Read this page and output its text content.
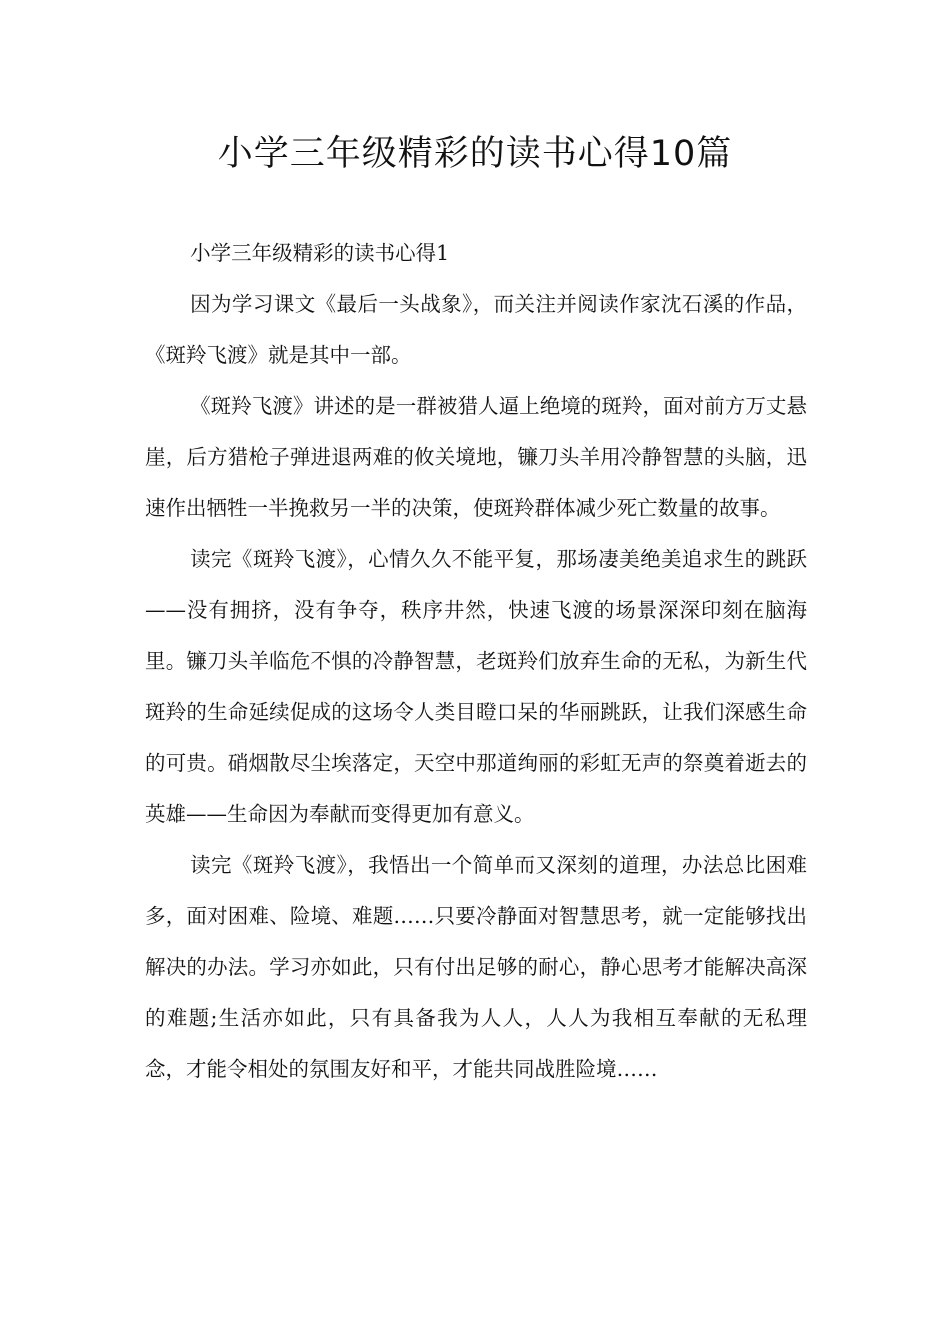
小学三年级精彩的读书心得10篇

小学三年级精彩的读书心得1

因为学习课文《最后一头战象》，而关注并阅读作家沈石溪的作品，《斑羚飞渡》就是其中一部。

《斑羚飞渡》讲述的是一群被猎人逼上绝境的斑羚，面对前方万丈悬崖，后方猎枪子弹进退两难的攸关境地，镰刀头羊用冷静智慧的头脑，迅速作出牺牲一半挽救另一半的决策，使斑羚群体减少死亡数量的故事。

读完《斑羚飞渡》，心情久久不能平复，那场凄美绝美追求生的跳跃——没有拥挤，没有争夺，秩序井然，快速飞渡的场景深深印刻在脑海里。镰刀头羊临危不惧的冷静智慧，老斑羚们放弃生命的无私，为新生代斑羚的生命延续促成的这场令人类目瞪口呆的华丽跳跃，让我们深感生命的可贵。硝烟散尽尘埃落定，天空中那道绚丽的彩虹无声的祭奠着逝去的英雄——生命因为奉献而变得更加有意义。

读完《斑羚飞渡》，我悟出一个简单而又深刻的道理，办法总比困难多，面对困难、险境、难题……只要冷静面对智慧思考，就一定能够找出解决的办法。学习亦如此，只有付出足够的耐心，静心思考才能解决高深的难题;生活亦如此，只有具备我为人人，人人为我相互奉献的无私理念，才能令相处的氛围友好和平，才能共同战胜险境……
